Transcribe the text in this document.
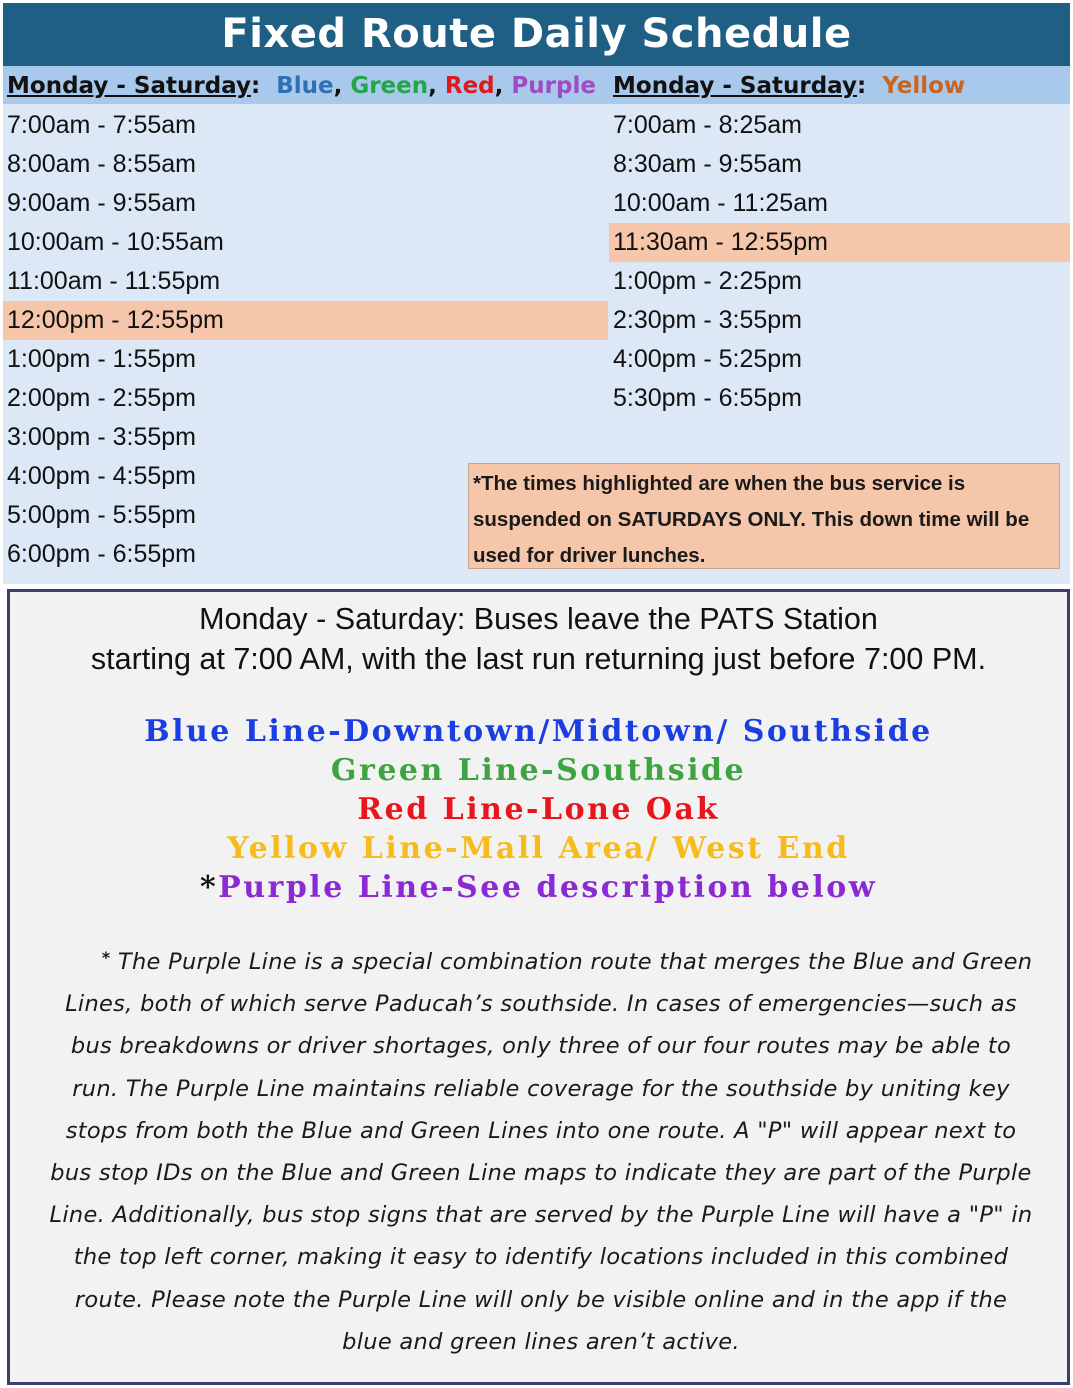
Fixed Route Daily Schedule
Monday - Saturday: Blue, Green, Red, Purple Monday - Saturday: Yellow
7:00am - 7:55am
8:00am - 8:55am
9:00am - 9:55am
10:00am - 10:55am
11:00am - 11:55pm
12:00pm - 12:55pm
1:00pm - 1:55pm
2:00pm - 2:55pm
3:00pm - 3:55pm
4:00pm - 4:55pm
5:00pm - 5:55pm
6:00pm - 6:55pm
7:00am - 8:25am
8:30am - 9:55am
10:00am - 11:25am
11:30am - 12:55pm
1:00pm - 2:25pm
2:30pm - 3:55pm
4:00pm - 5:25pm
5:30pm - 6:55pm
*The times highlighted are when the bus service is suspended on SATURDAYS ONLY. This down time will be used for driver lunches.
Monday - Saturday: Buses leave the PATS Station
starting at 7:00 AM, with the last run returning just before 7:00 PM.
Blue Line-Downtown/Midtown/ Southside
Green Line-Southside
Red Line-Lone Oak
Yellow Line-Mall Area/ West End
*Purple Line-See description below
* The Purple Line is a special combination route that merges the Blue and Green Lines, both of which serve Paducah’s southside. In cases of emergencies—such as bus breakdowns or driver shortages, only three of our four routes may be able to run. The Purple Line maintains reliable coverage for the southside by uniting key stops from both the Blue and Green Lines into one route. A "P" will appear next to bus stop IDs on the Blue and Green Line maps to indicate they are part of the Purple Line. Additionally, bus stop signs that are served by the Purple Line will have a "P" in the top left corner, making it easy to identify locations included in this combined route. Please note the Purple Line will only be visible online and in the app if the blue and green lines aren’t active.
